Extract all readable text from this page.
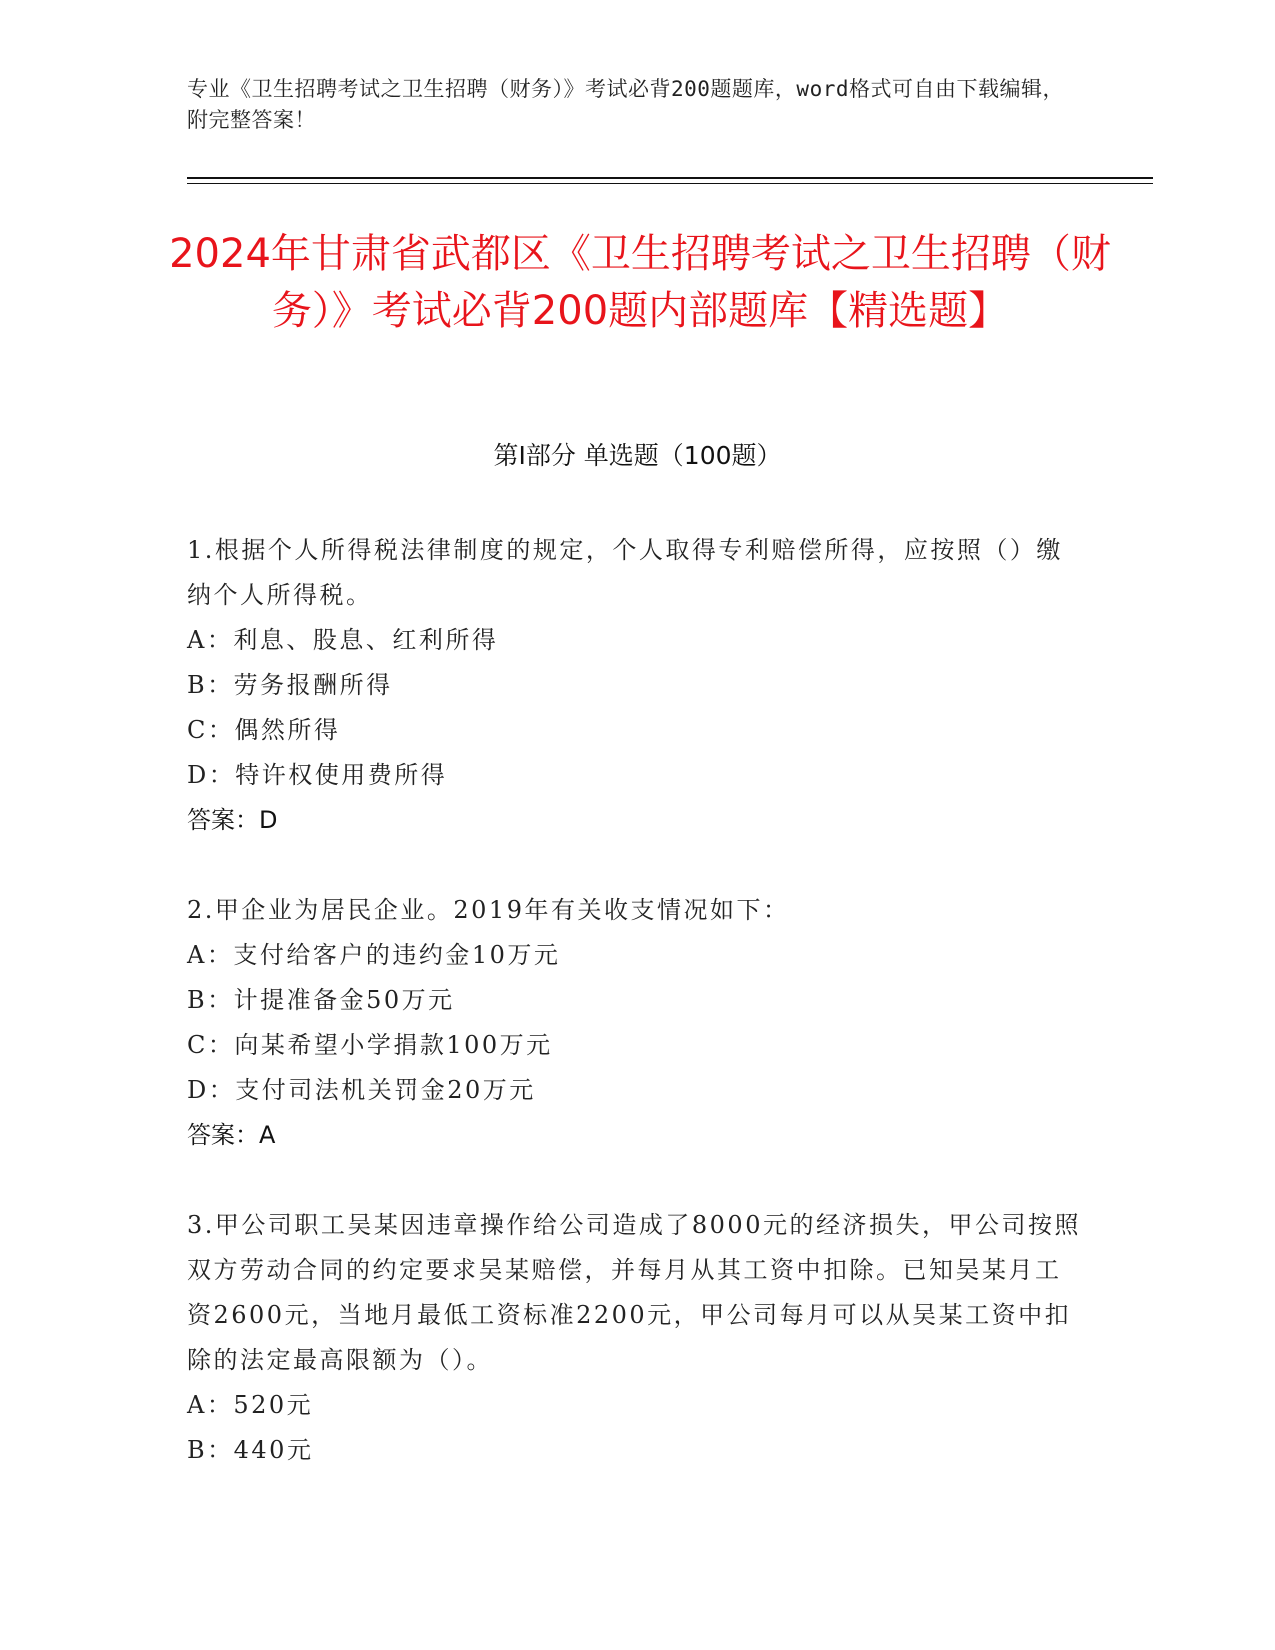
专业《卫生招聘考试之卫生招聘（财务）》考试必背200题题库，word格式可自由下载编辑，附完整答案！
2024年甘肃省武都区《卫生招聘考试之卫生招聘（财务）》考试必背200题内部题库【精选题】
第I部分 单选题（100题）

1.根据个人所得税法律制度的规定，个人取得专利赔偿所得，应按照（）缴纳个人所得税。

A：利息、股息、红利所得

B：劳务报酬所得

C：偶然所得

D：特许权使用费所得

答案：D

2.甲企业为居民企业。2019年有关收支情况如下：

A：支付给客户的违约金10万元

B：计提准备金50万元

C：向某希望小学捐款100万元

D：支付司法机关罚金20万元

答案：A

3.甲公司职工吴某因违章操作给公司造成了8000元的经济损失，甲公司按照双方劳动合同的约定要求吴某赔偿，并每月从其工资中扣除。已知吴某月工资2600元，当地月最低工资标准2200元，甲公司每月可以从吴某工资中扣除的法定最高限额为（）。

A：520元

B：440元
